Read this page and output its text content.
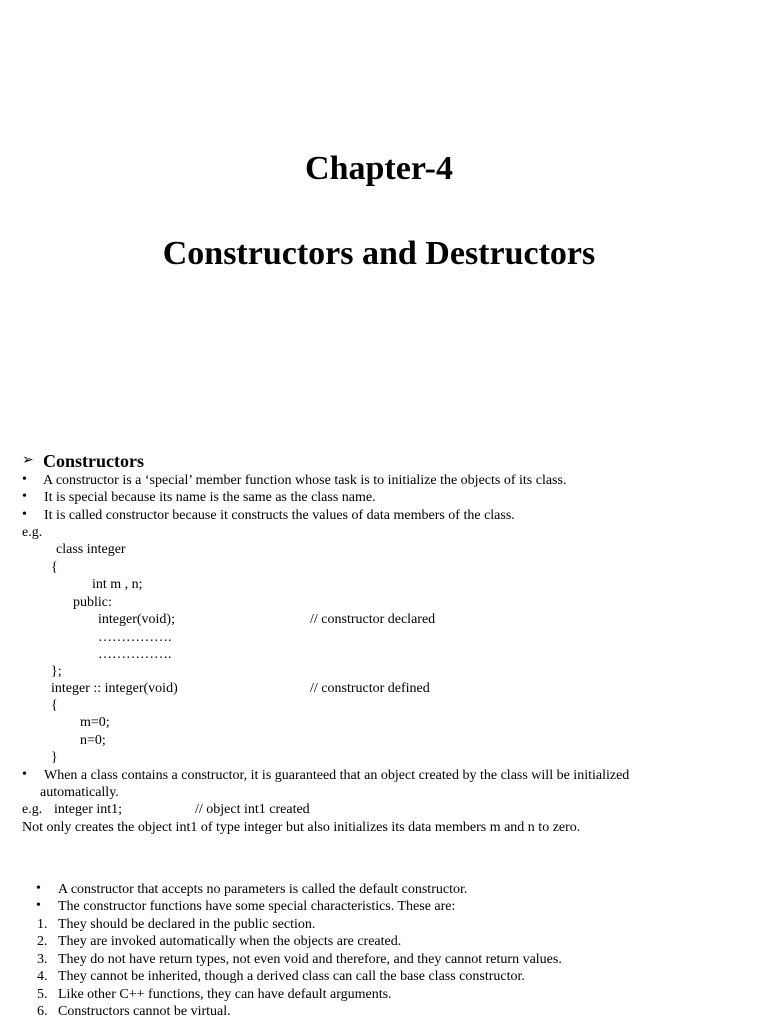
Chapter-4
Constructors and Destructors
➢ Constructors
• A constructor is a ‘special’ member function whose task is to initialize the objects of its class.
• It is special because its name is the same as the class name.
• It is called constructor because it constructs the values of data members of the class.
e.g.
class integer
{
int m , n;
public:
integer(void);	// constructor declared
…………….
…………….
};
integer :: integer(void)	// constructor defined
{
m=0;
n=0;
}
• When a class contains a constructor, it is guaranteed that an object created by the class will be initialized
automatically.
e.g. integer int1;	// object int1 created
Not only creates the object int1 of type integer but also initializes its data members m and n to zero.
• A constructor that accepts no parameters is called the default constructor.
• The constructor functions have some special characteristics. These are:
1. They should be declared in the public section.
2. They are invoked automatically when the objects are created.
3. They do not have return types, not even void and therefore, and they cannot return values.
4. They cannot be inherited, though a derived class can call the base class constructor.
5. Like other C++ functions, they can have default arguments.
6. Constructors cannot be virtual.
